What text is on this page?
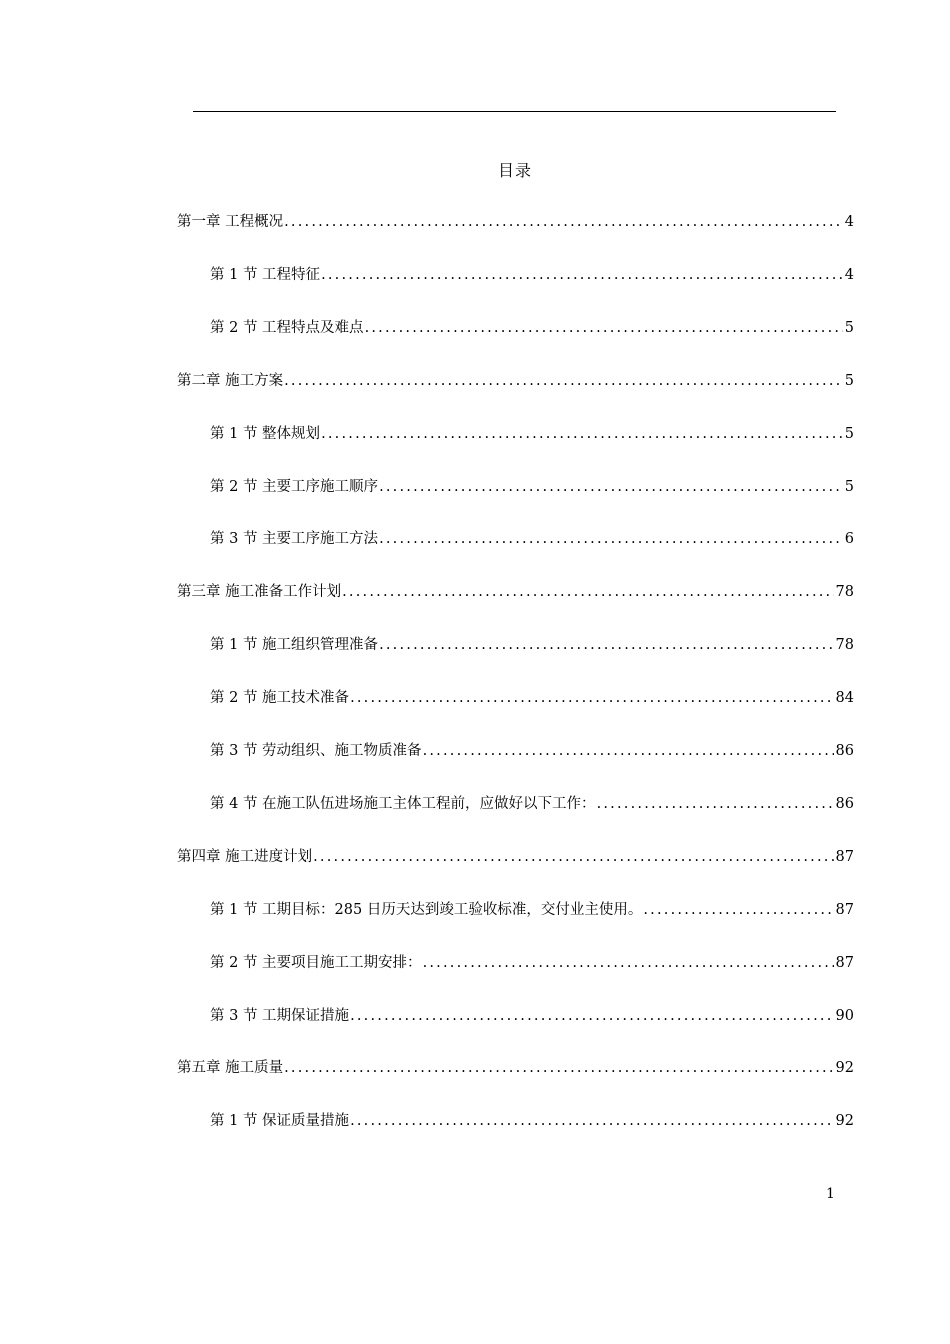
目录
第一章 工程概况 .....	4
第 1 节 工程特征 .....	4
第 2 节 工程特点及难点 .....	5
第二章 施工方案 .....	5
第 1 节 整体规划 .....	5
第 2 节 主要工序施工顺序 .....	5
第 3 节 主要工序施工方法 .....	6
第三章 施工准备工作计划 .....	78
第 1 节 施工组织管理准备 .....	78
第 2 节 施工技术准备 .....	84
第 3 节 劳动组织、施工物质准备 .....	86
第 4 节 在施工队伍进场施工主体工程前，应做好以下工作： .....	86
第四章 施工进度计划 .....	87
第 1 节 工期目标：285 日历天达到竣工验收标准，交付业主使用。 .....	87
第 2 节 主要项目施工工期安排： .....	87
第 3 节 工期保证措施 .....	90
第五章 施工质量 .....	92
第 1 节 保证质量措施 .....	92
1
